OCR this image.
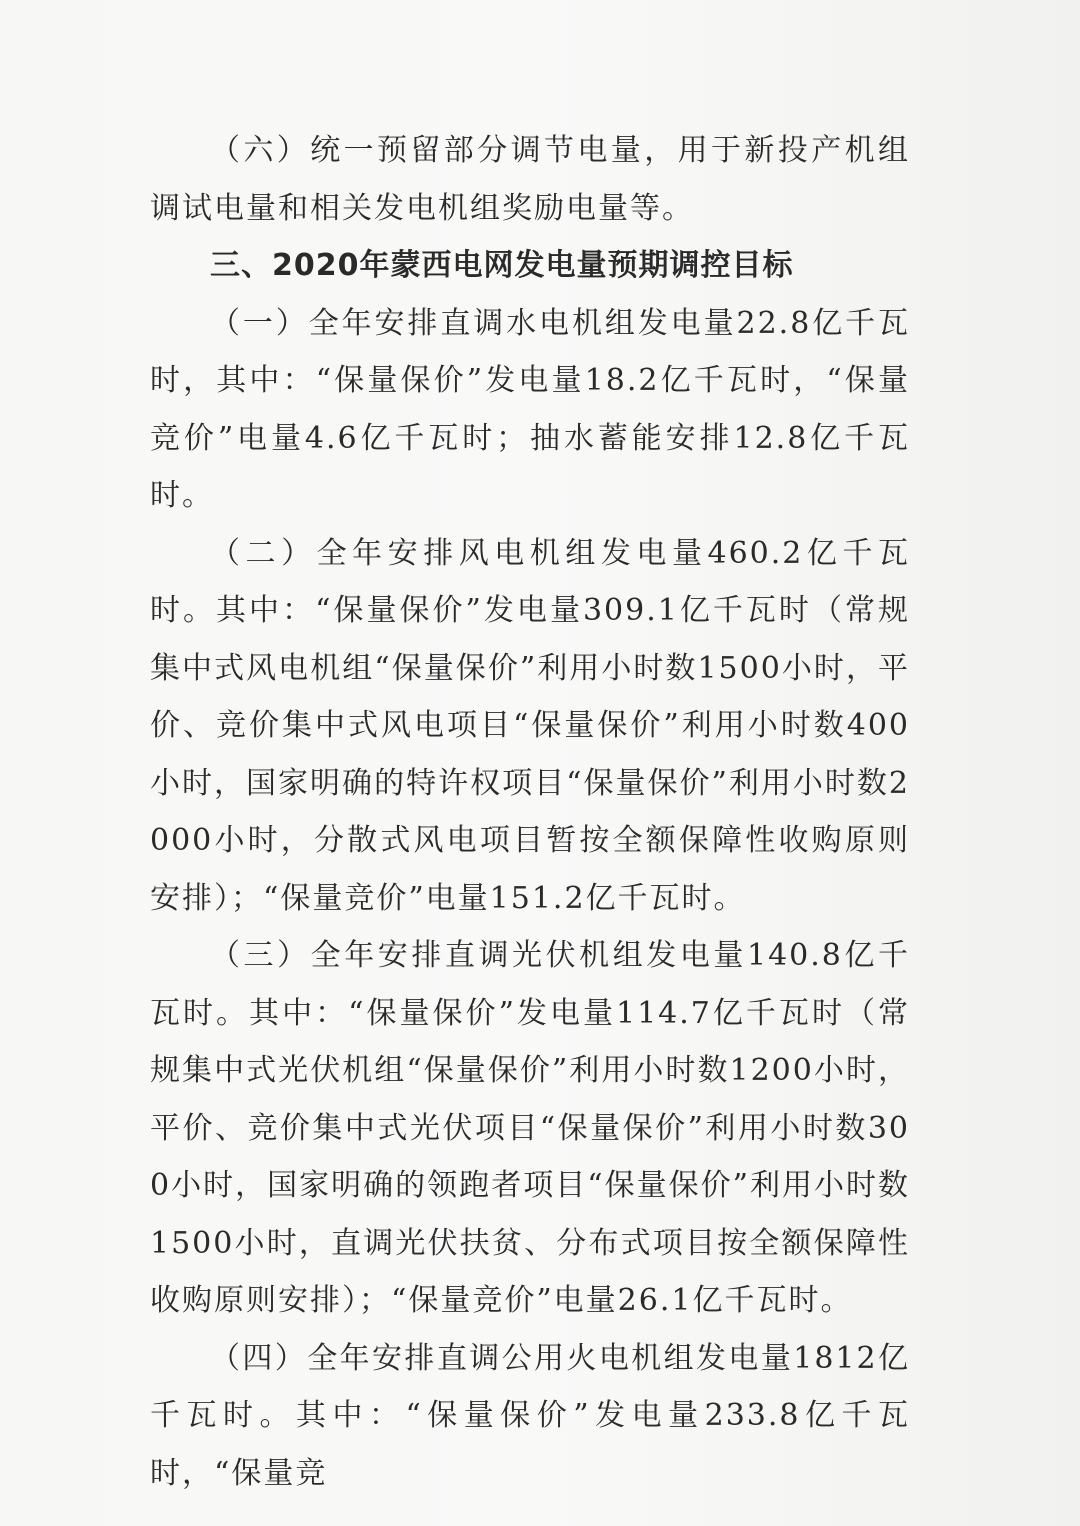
（六）统一预留部分调节电量，用于新投产机组调试电量和相关发电机组奖励电量等。

三、2020年蒙西电网发电量预期调控目标

（一）全年安排直调水电机组发电量22.8亿千瓦时，其中：“保量保价”发电量18.2亿千瓦时，“保量竞价”电量4.6亿千瓦时；抽水蓄能安排12.8亿千瓦时。

（二）全年安排风电机组发电量460.2亿千瓦时。其中：“保量保价”发电量309.1亿千瓦时（常规集中式风电机组“保量保价”利用小时数1500小时，平价、竞价集中式风电项目“保量保价”利用小时数400小时，国家明确的特许权项目“保量保价”利用小时数2000小时，分散式风电项目暂按全额保障性收购原则安排）；“保量竞价”电量151.2亿千瓦时。

（三）全年安排直调光伏机组发电量140.8亿千瓦时。其中：“保量保价”发电量114.7亿千瓦时（常规集中式光伏机组“保量保价”利用小时数1200小时，平价、竞价集中式光伏项目“保量保价”利用小时数300小时，国家明确的领跑者项目“保量保价”利用小时数1500小时，直调光伏扶贫、分布式项目按全额保障性收购原则安排）；“保量竞价”电量26.1亿千瓦时。

（四）全年安排直调公用火电机组发电量1812亿千瓦时。其中：“保量保价”发电量233.8亿千瓦时，“保量竞
